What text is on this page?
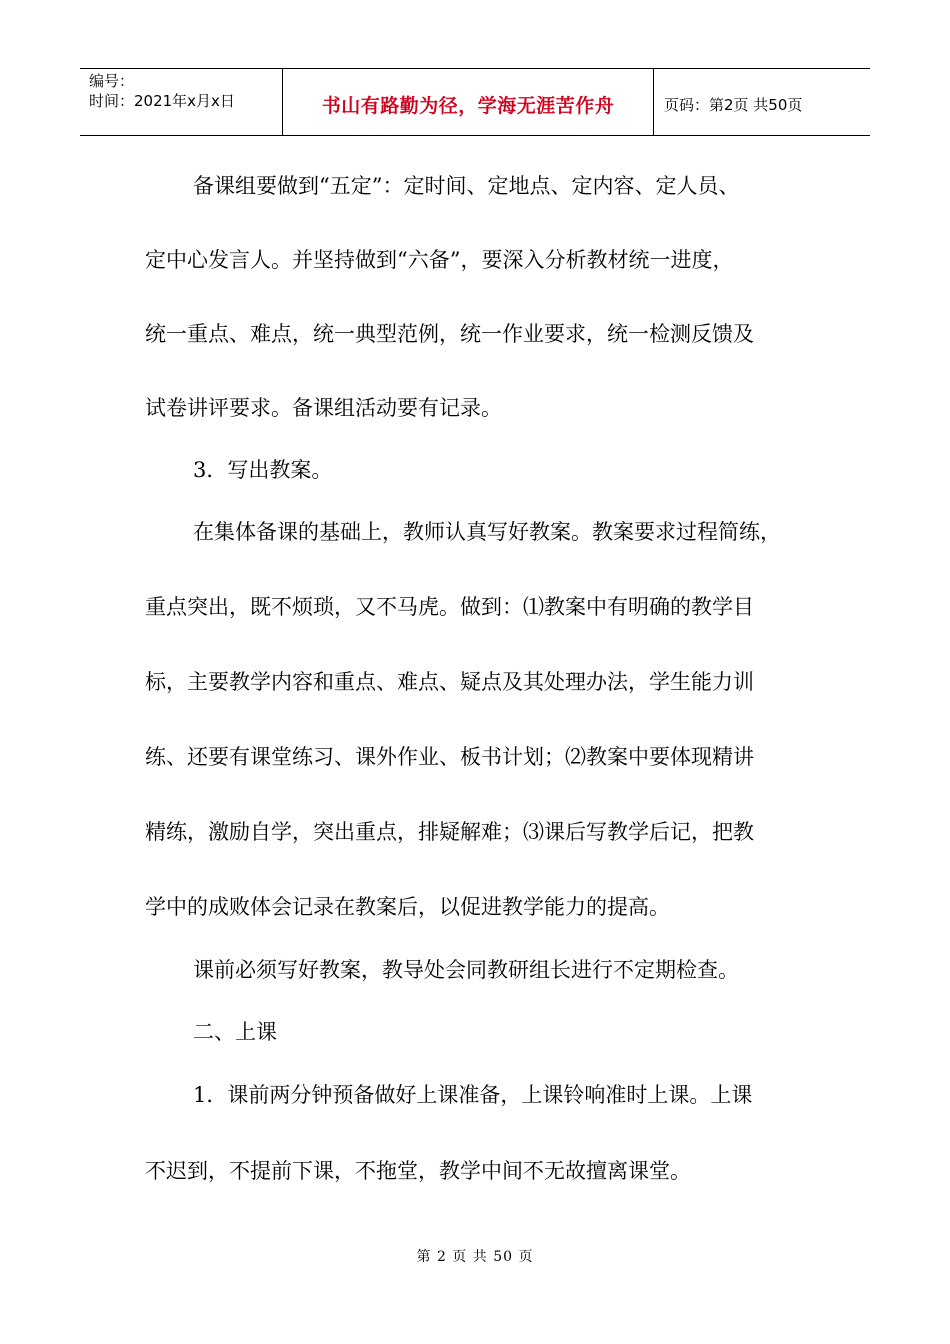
编号：
时间：2021年x月x日	书山有路勤为径，学海无涯苦作舟	页码：第2页 共50页
备课组要做到“五定”：定时间、定地点、定内容、定人员、
定中心发言人。并坚持做到“六备”，要深入分析教材统一进度，
统一重点、难点，统一典型范例，统一作业要求，统一检测反馈及
试卷讲评要求。备课组活动要有记录。
3．写出教案。
在集体备课的基础上，教师认真写好教案。教案要求过程简练，
重点突出，既不烦琐，又不马虎。做到：⑴教案中有明确的教学目
标，主要教学内容和重点、难点、疑点及其处理办法，学生能力训
练、还要有课堂练习、课外作业、板书计划；⑵教案中要体现精讲
精练，激励自学，突出重点，排疑解难；⑶课后写教学后记，把教
学中的成败体会记录在教案后，以促进教学能力的提高。
课前必须写好教案，教导处会同教研组长进行不定期检查。
二、上课
1．课前两分钟预备做好上课准备，上课铃响准时上课。上课
不迟到，不提前下课，不拖堂，教学中间不无故擅离课堂。
第 2 页 共 50 页
